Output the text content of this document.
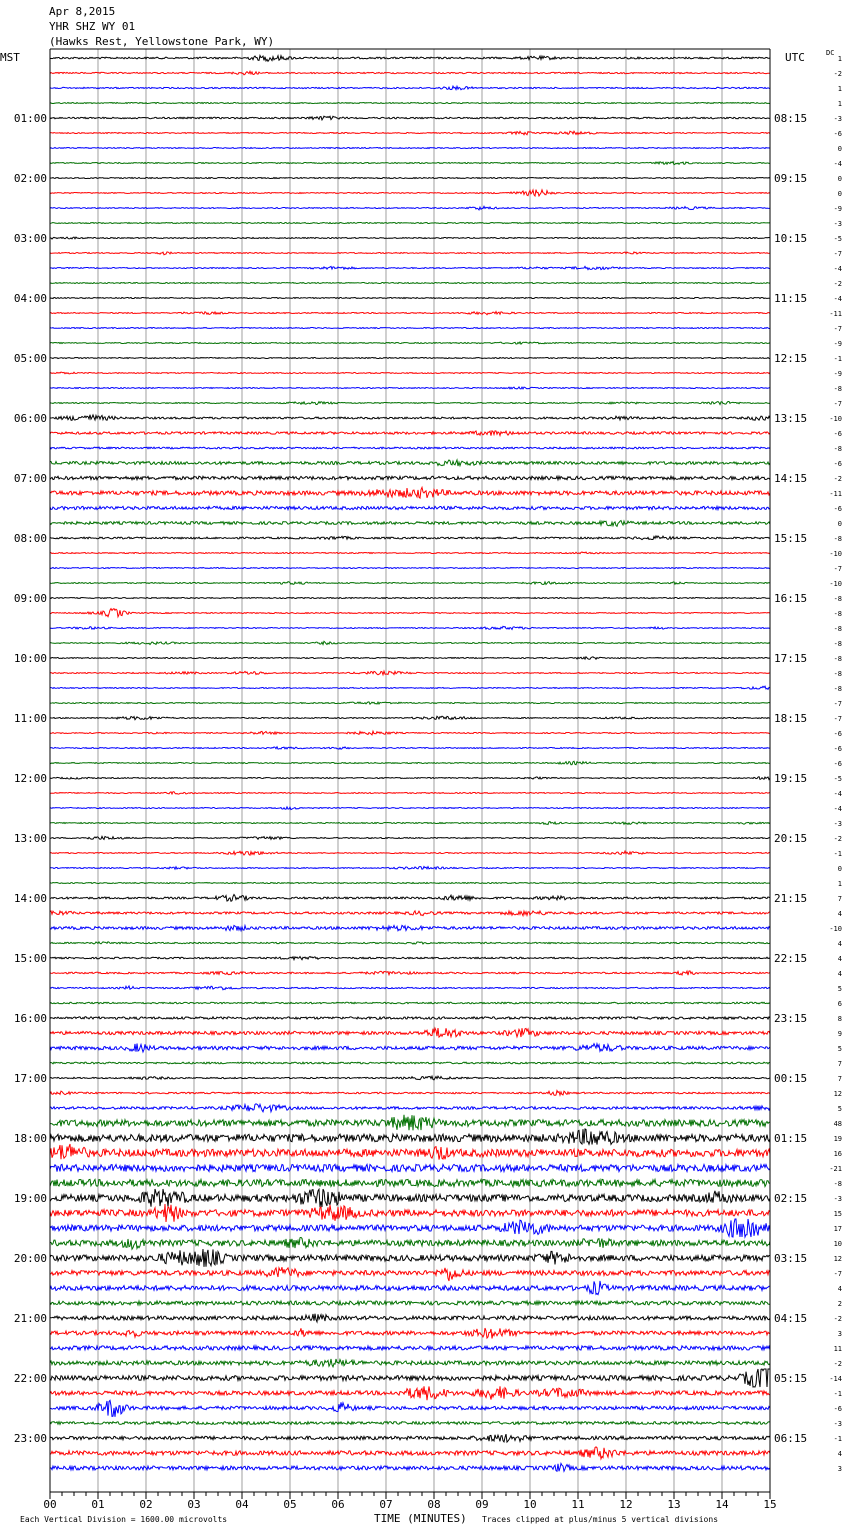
1
-2
1
1
-3
-6
0
-4
0
0
-9
-3
-5
-7
-4
-2
-4
-11
-7
-9
-1
-9
-8
-7
-10
-6
-8
-6
-2
-11
-6
0
-8
-10
-7
-10
-8
-8
-8
-8
-8
-8
-8
-7
-7
-6
-6
-6
-5
-4
-4
-3
-2
-1
0
1
7
4
-10
4
4
4
5
6
8
9
5
7
7
12
5
48
19
16
-21
-8
-3
15
17
10
12
-7
4
2
-2
3
11
-2
-14
-1
-6
-3
-1
4
3
01:00	08:15
02:00	09:15
03:00	10:15
04:00	11:15
05:00	12:15
06:00	13:15
07:00	14:15
08:00	15:15
09:00	16:15
10:00	17:15
11:00	18:15
12:00	19:15
13:00	20:15
14:00	21:15
15:00	22:15
16:00	23:15
17:00	00:15
18:00	01:15
19:00	02:15
20:00	03:15
21:00	04:15
22:00	05:15
23:00	06:15
00	01	02	03	04	05	06	07	08	09	10	11	12	13	14	15
Apr 8,2015
YHR SHZ WY 01
(Hawks Rest, Yellowstone Park, WY)
MST	UTC	DC
Each Vertical Division = 1600.00 microvolts	TIME (MINUTES) Traces clipped at plus/minus 5 vertical divisions
